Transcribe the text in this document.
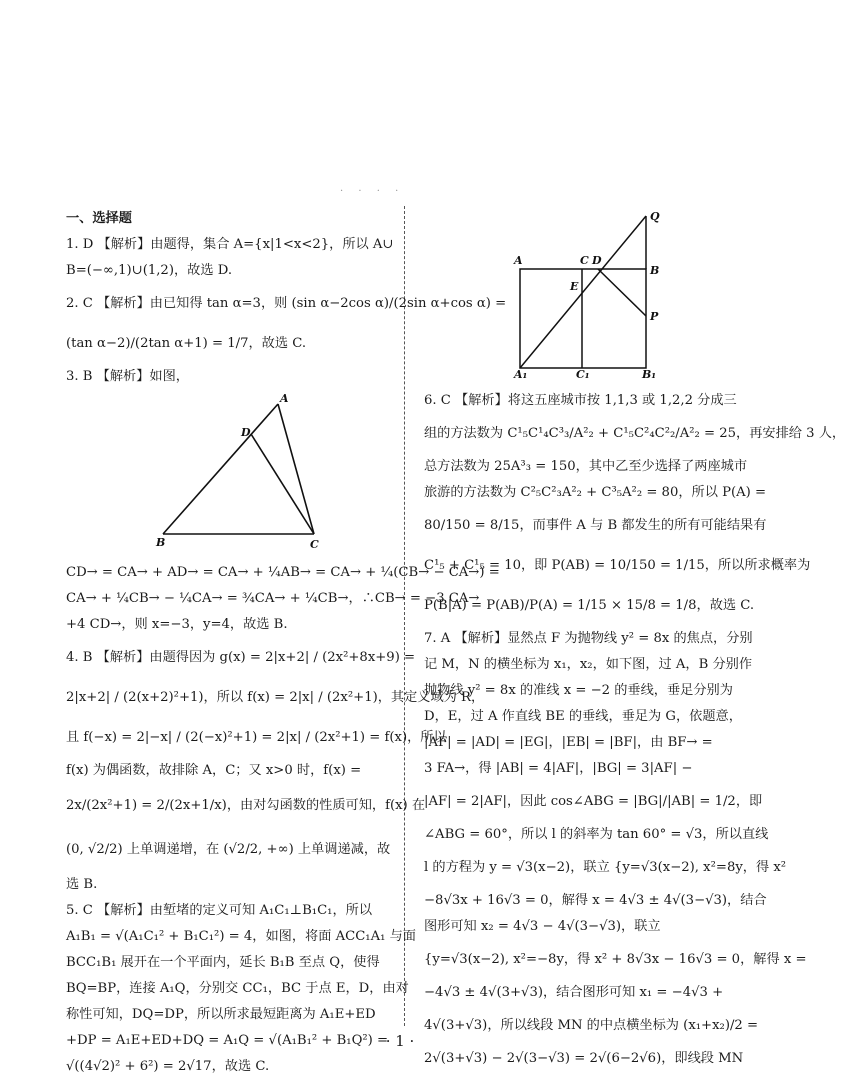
· · · ·
一、选择题
1. D 【解析】由题得，集合 A={x|1<x<2}，所以 A∪
B=(−∞,1)∪(1,2)，故选 D.
2. C 【解析】由已知得 tan α=3，则 (sin α−2cos α)/(2sin α+cos α) =
(tan α−2)/(2tan α+1) = 1/7，故选 C.
3. B 【解析】如图，
A
D
B	C
CD→ = CA→ + AD→ = CA→ + ¼AB→ = CA→ + ¼(CB→ − CA→) =
CA→ + ¼CB→ − ¼CA→ = ¾CA→ + ¼CB→，∴CB→ = −3 CA→
+4 CD→，则 x=−3，y=4，故选 B.
4. B 【解析】由题得因为 g(x) = 2|x+2| / (2x²+8x+9) =
2|x+2| / (2(x+2)²+1)，所以 f(x) = 2|x| / (2x²+1)，其定义域为 R，
且 f(−x) = 2|−x| / (2(−x)²+1) = 2|x| / (2x²+1) = f(x)，所以
f(x) 为偶函数，故排除 A，C；又 x>0 时，f(x) =
2x/(2x²+1) = 2/(2x+1/x)，由对勾函数的性质可知，f(x) 在
(0, √2/2) 上单调递增，在 (√2/2, +∞) 上单调递减，故
选 B.
5. C 【解析】由堑堵的定义可知 A₁C₁⊥B₁C₁，所以
A₁B₁ = √(A₁C₁² + B₁C₁²) = 4，如图，将面 ACC₁A₁ 与面
BCC₁B₁ 展开在一个平面内，延长 B₁B 至点 Q，使得
BQ=BP，连接 A₁Q，分别交 CC₁，BC 于点 E，D，由对
称性可知，DQ=DP，所以所求最短距离为 A₁E+ED
+DP = A₁E+ED+DQ = A₁Q = √(A₁B₁² + B₁Q²) =
√((4√2)² + 6²) = 2√17，故选 C.
Q
A	C D
B
E
P
A₁	C₁	B₁
6. C 【解析】将这五座城市按 1,1,3 或 1,2,2 分成三
组的方法数为 C¹₅C¹₄C³₃/A²₂ + C¹₅C²₄C²₂/A²₂ = 25，再安排给 3 人，
总方法数为 25A³₃ = 150，其中乙至少选择了两座城市
旅游的方法数为 C²₅C²₃A²₂ + C³₅A²₂ = 80，所以 P(A) =
80/150 = 8/15，而事件 A 与 B 都发生的所有可能结果有
C¹₅ + C¹₅ = 10，即 P(AB) = 10/150 = 1/15，所以所求概率为
P(B|A) = P(AB)/P(A) = 1/15 × 15/8 = 1/8，故选 C.
7. A 【解析】显然点 F 为抛物线 y² = 8x 的焦点，分别
记 M，N 的横坐标为 x₁，x₂，如下图，过 A，B 分别作
抛物线 y² = 8x 的准线 x = −2 的垂线，垂足分别为
D，E，过 A 作直线 BE 的垂线，垂足为 G，依题意，
|AF| = |AD| = |EG|，|EB| = |BF|，由 BF→ =
3 FA→，得 |AB| = 4|AF|，|BG| = 3|AF| −
|AF| = 2|AF|，因此 cos∠ABG = |BG|/|AB| = 1/2，即
∠ABG = 60°，所以 l 的斜率为 tan 60° = √3，所以直线
l 的方程为 y = √3(x−2)，联立 {y=√3(x−2), x²=8y，得 x²
−8√3x + 16√3 = 0，解得 x = 4√3 ± 4√(3−√3)，结合
图形可知 x₂ = 4√3 − 4√(3−√3)，联立
{y=√3(x−2), x²=−8y，得 x² + 8√3x − 16√3 = 0，解得 x =
−4√3 ± 4√(3+√3)，结合图形可知 x₁ = −4√3 +
4√(3+√3)，所以线段 MN 的中点横坐标为 (x₁+x₂)/2 =
2√(3+√3) − 2√(3−√3) = 2√(6−2√6)，即线段 MN
· 1 ·
